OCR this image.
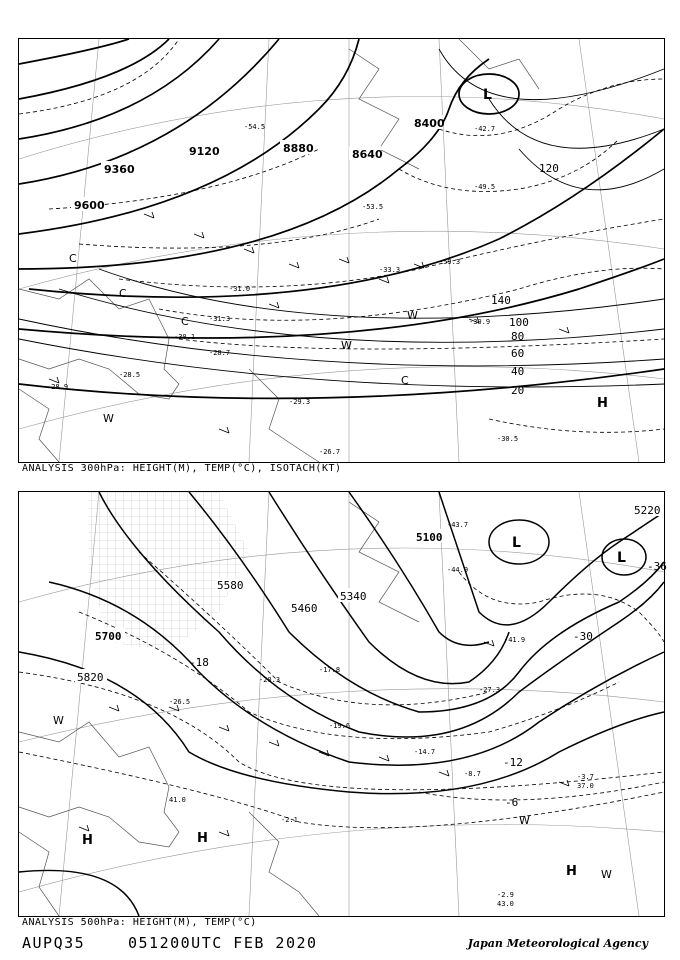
9600
9360
9120	8880	8640
8400
20
40
60
80
100
120
140
-30.9
-31.3
-30.1
-28.7
-28.5
-28.9
-29.3
-26.7
-30.5
-31.0
-33.3
-54.5
-53.5
-59.3
-49.5
-42.7
L
H
W
W
W
C
C
C
C
ANALYSIS 300hPa: HEIGHT(M), TEMP(°C), ISOTACH(KT)
5820
5700
5580
5460
5340
5100
5220
-18
-12
-6
-30
-36
-26.5
-20.3
-17.8
-19.6
-14.7
-8.7	-3.7
-2.1
-2.9
43.0
41.0
37.0
-43.7
-44.9
-41.9
-27.3
L
L
H	H
H
W
W
W
ANALYSIS 500hPa: HEIGHT(M), TEMP(°C)
AUPQ35	051200UTC FEB 2020	Japan Meteorological Agency
